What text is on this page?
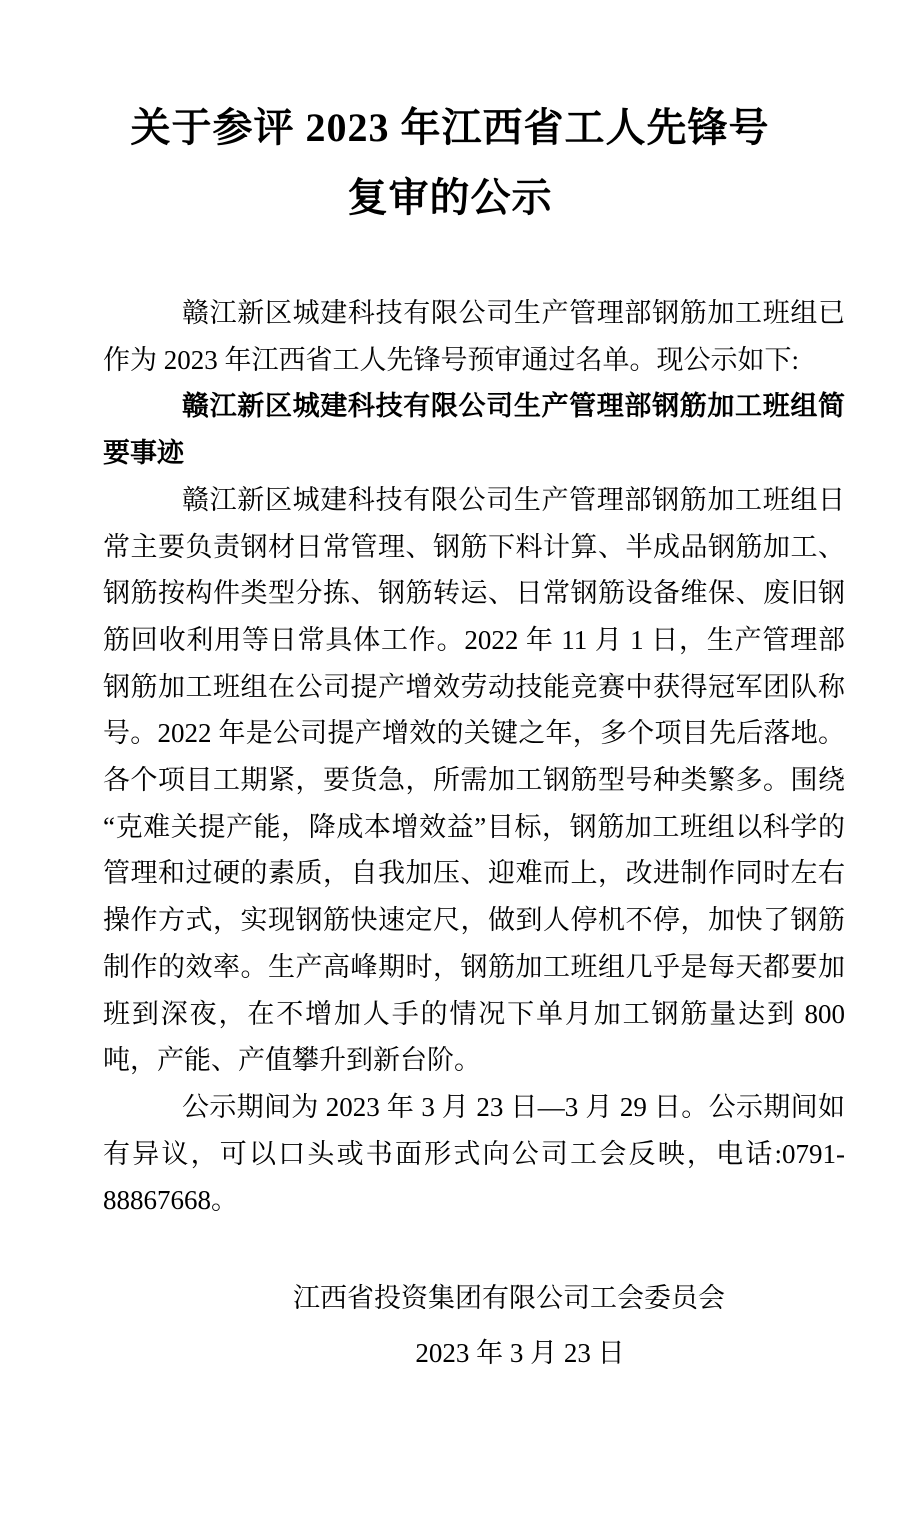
关于参评 2023 年江西省工人先锋号
复审的公示

赣江新区城建科技有限公司生产管理部钢筋加工班组已作为 2023 年江西省工人先锋号预审通过名单。现公示如下:

赣江新区城建科技有限公司生产管理部钢筋加工班组简要事迹

赣江新区城建科技有限公司生产管理部钢筋加工班组日常主要负责钢材日常管理、钢筋下料计算、半成品钢筋加工、钢筋按构件类型分拣、钢筋转运、日常钢筋设备维保、废旧钢筋回收利用等日常具体工作。2022 年 11 月 1 日，生产管理部钢筋加工班组在公司提产增效劳动技能竞赛中获得冠军团队称号。2022 年是公司提产增效的关键之年，多个项目先后落地。各个项目工期紧，要货急，所需加工钢筋型号种类繁多。围绕“克难关提产能，降成本增效益”目标，钢筋加工班组以科学的管理和过硬的素质，自我加压、迎难而上，改进制作同时左右操作方式，实现钢筋快速定尺，做到人停机不停，加快了钢筋制作的效率。生产高峰期时，钢筋加工班组几乎是每天都要加班到深夜，在不增加人手的情况下单月加工钢筋量达到 800 吨，产能、产值攀升到新台阶。

公示期间为 2023 年 3 月 23 日—3 月 29 日。公示期间如有异议，可以口头或书面形式向公司工会反映，电话:​0791-88867668。

江西省投资集团有限公司工会委员会
2023 年 3 月 23 日
